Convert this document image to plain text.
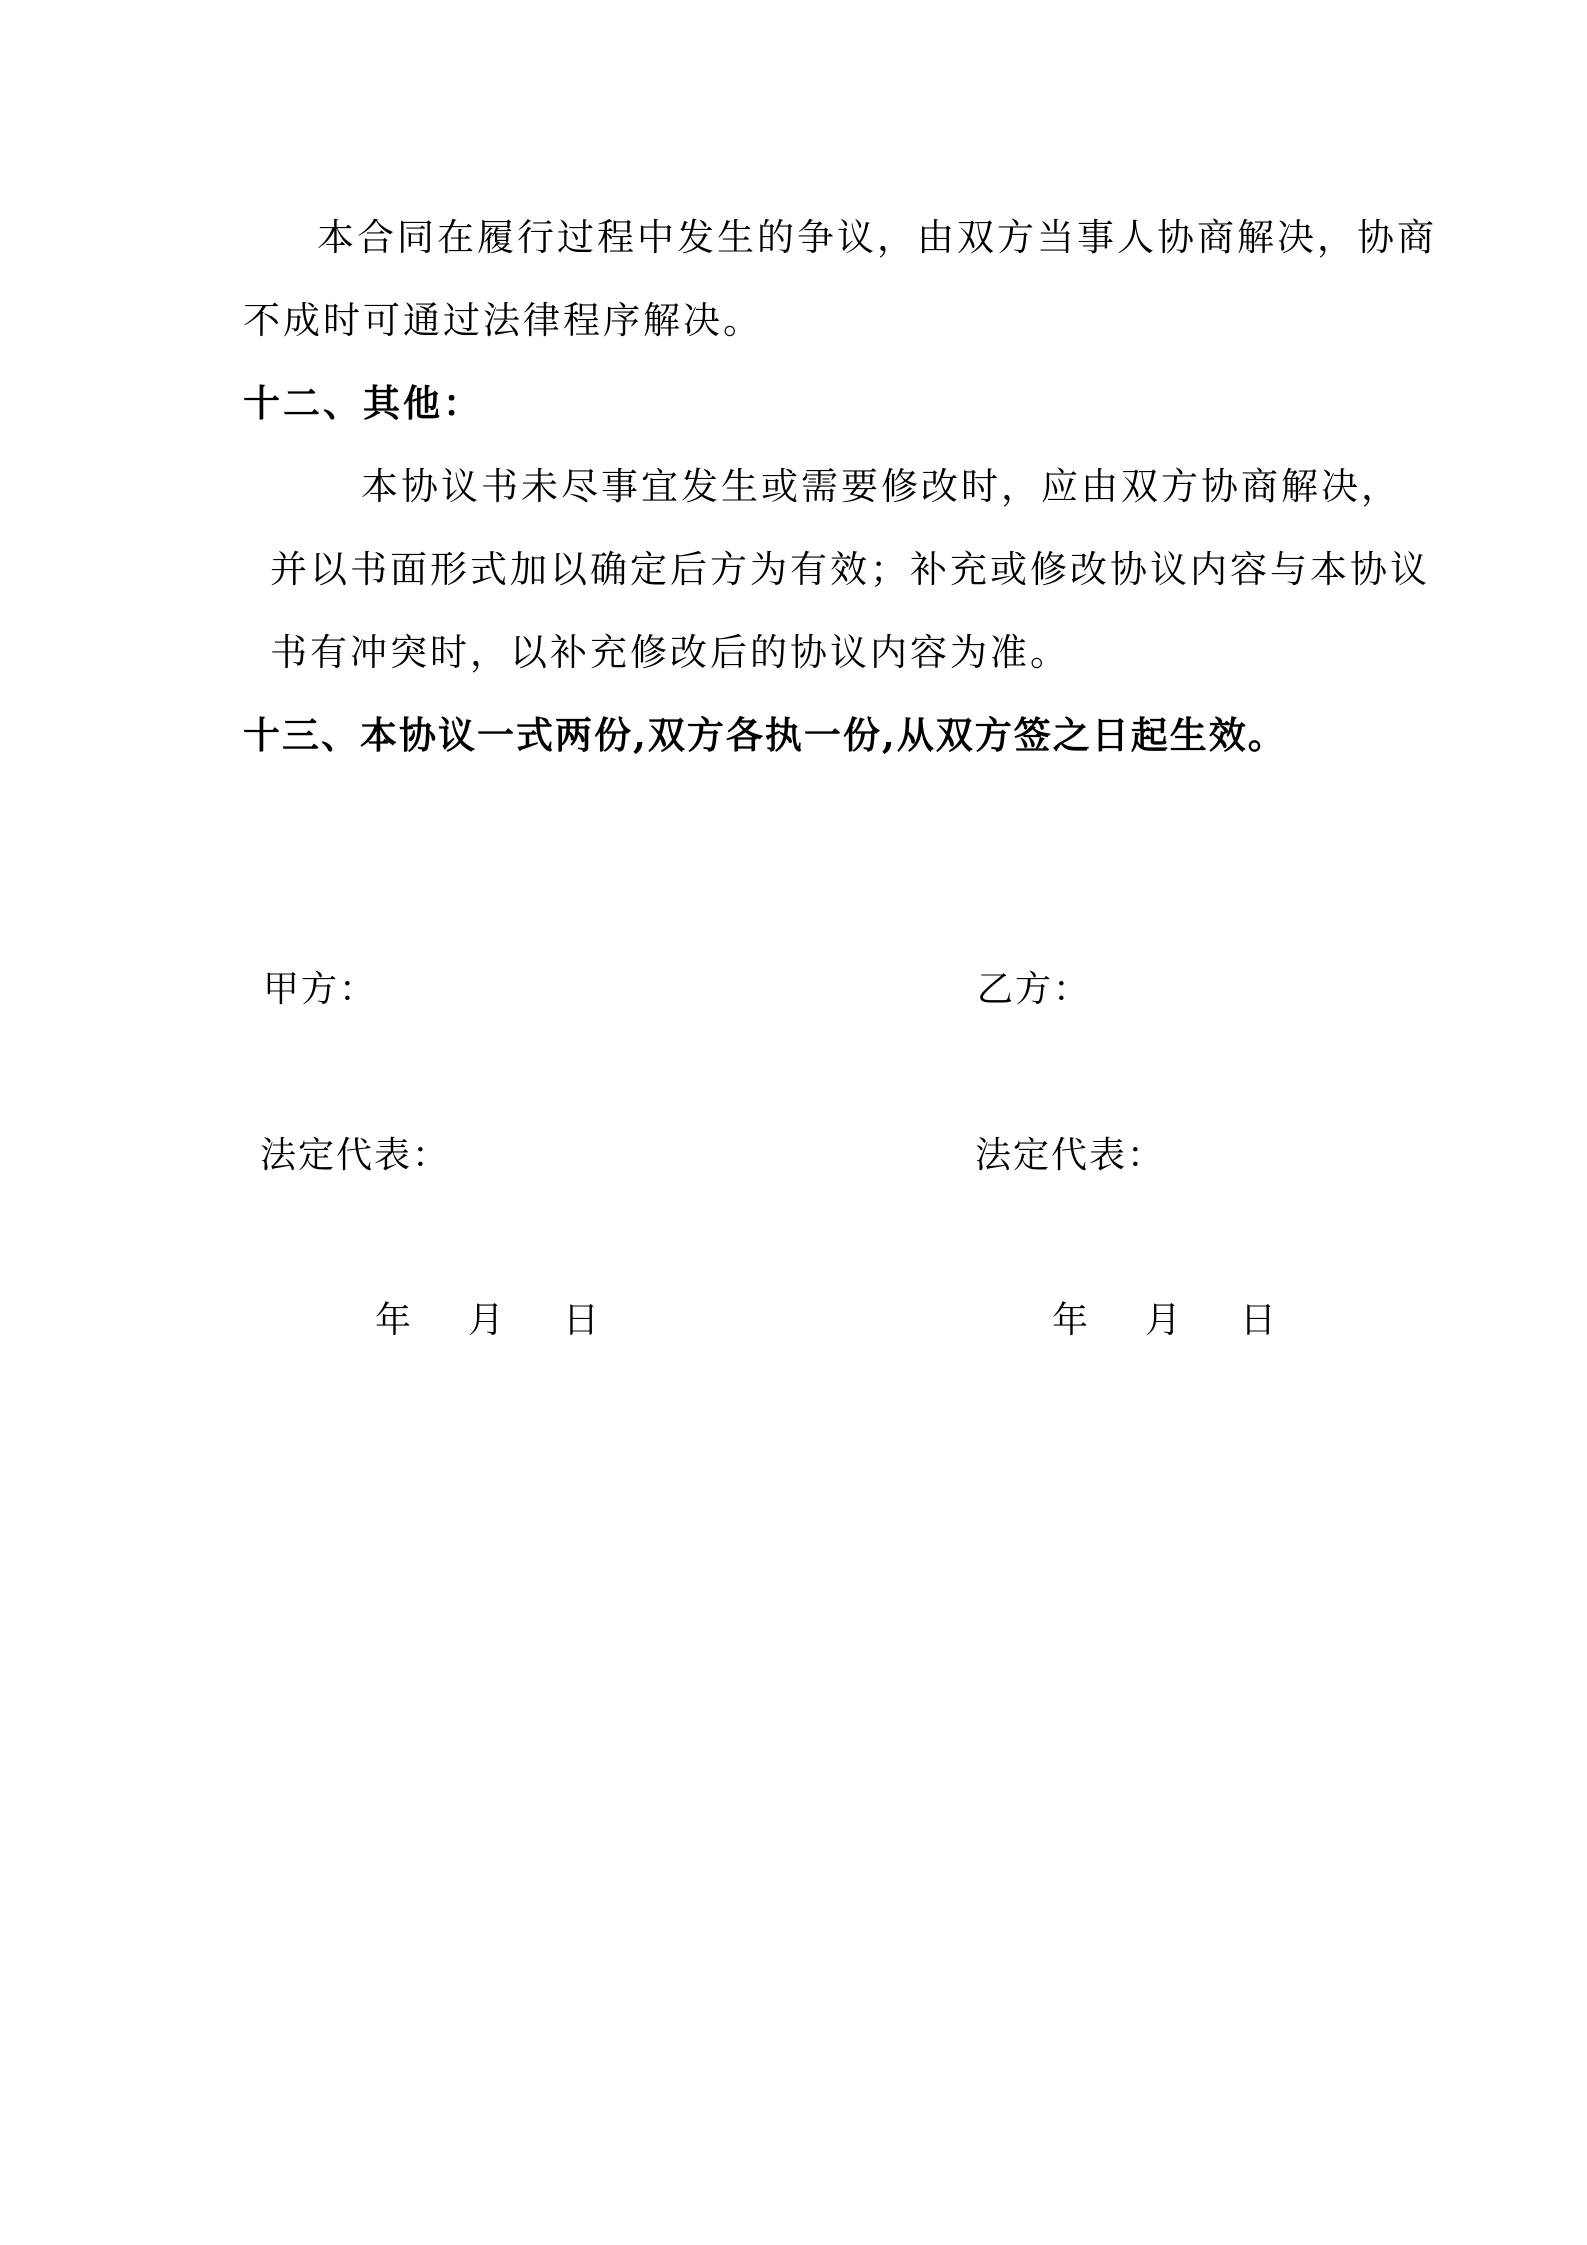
本合同在履行过程中发生的争议，由双方当事人协商解决，协商
不成时可通过法律程序解决。
十二、其他：
本协议书未尽事宜发生或需要修改时，应由双方协商解决，
并以书面形式加以确定后方为有效；补充或修改协议内容与本协议
书有冲突时，以补充修改后的协议内容为准。
十三、本协议一式两份,双方各执一份,从双方签之日起生效。
甲方：	乙方：
法定代表：	法定代表：
年 月 日	年 月 日
